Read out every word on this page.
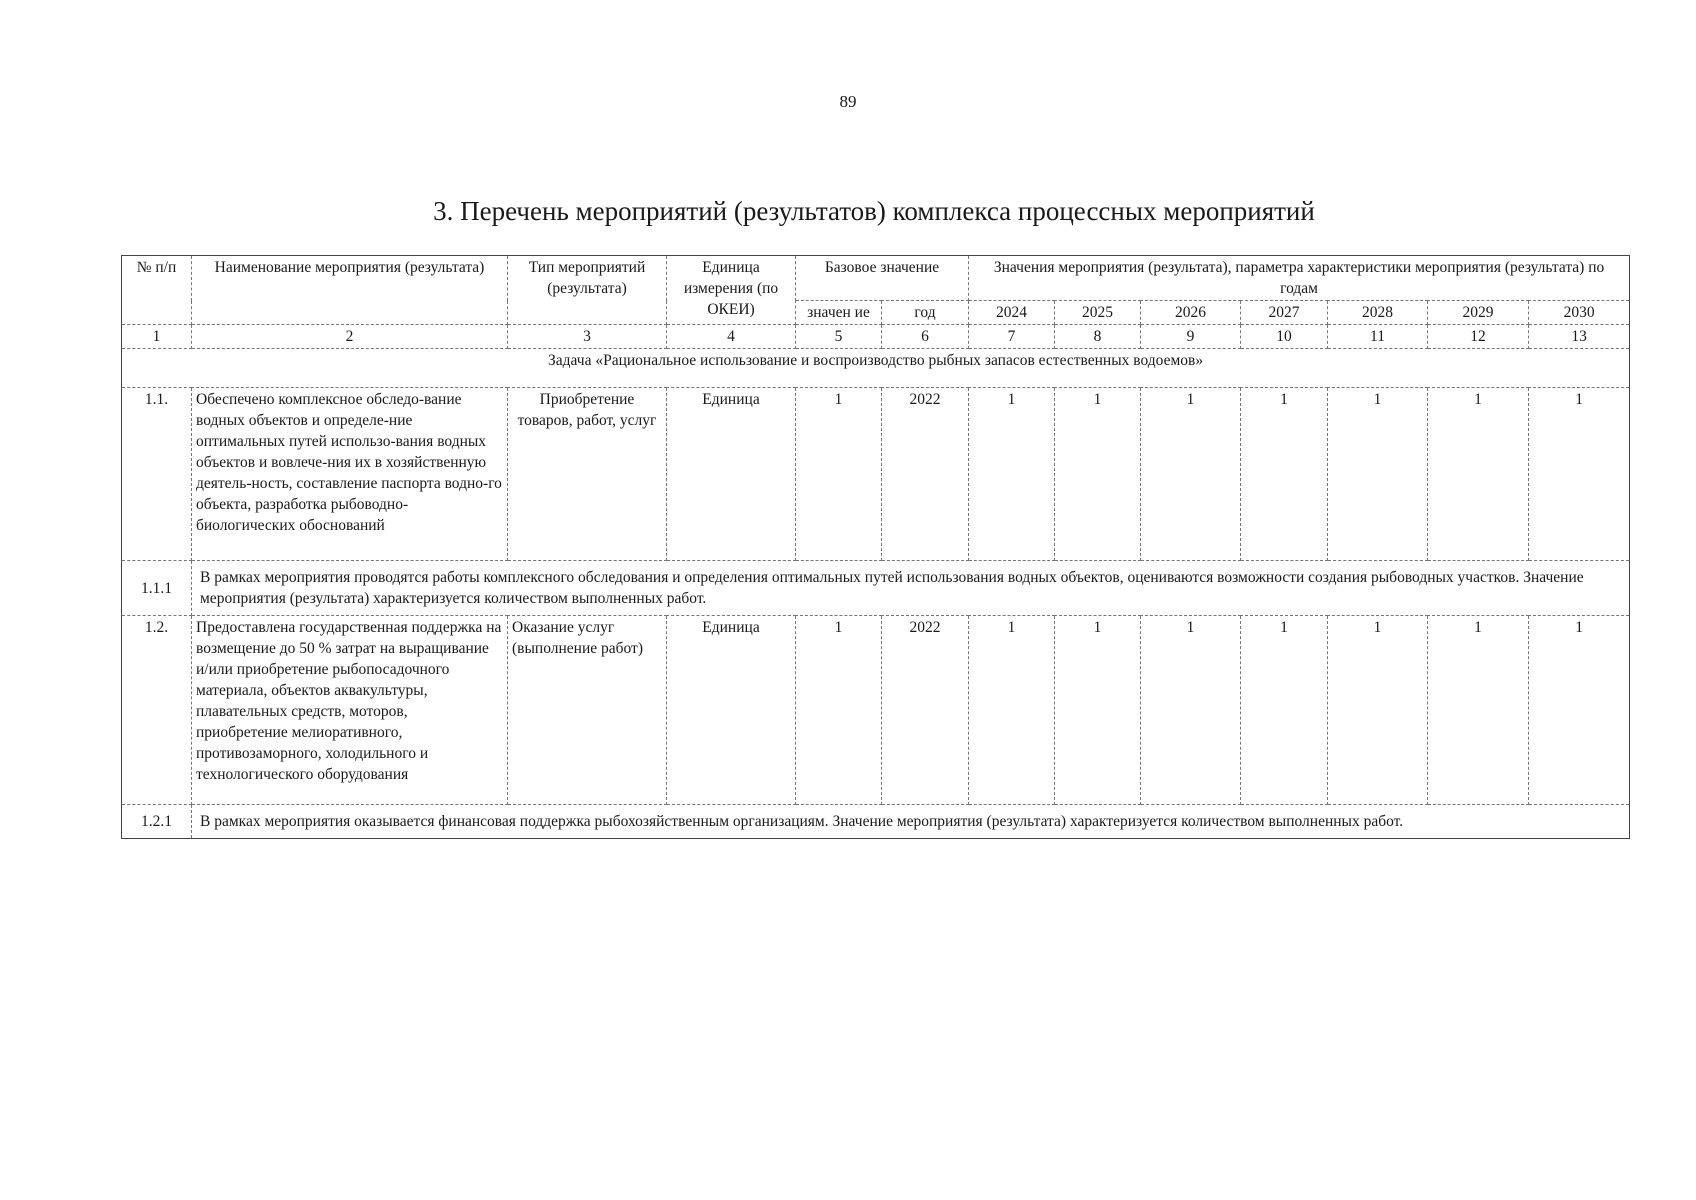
89
3. Перечень мероприятий (результатов) комплекса процессных мероприятий
№ п/п	Наименование мероприятия (результата)	Тип мероприятий (результата)	Единица измерения (по ОКЕИ)	Базовое значение		Значения мероприятия (результата), параметра характеристики мероприятия (результата) по годам						
				значен ие	год	2024	2025	2026	2027	2028	2029	2030
1	2	3	4	5	6	7	8	9	10	11	12	13
Задача «Рациональное использование и воспроизводство рыбных запасов естественных водоемов»												
1.1.	Обеспечено комплексное обследо-вание водных объектов и определе-ние оптимальных путей использо-вания водных объектов и вовлече-ния их в хозяйственную деятель-ность, составление паспорта водно-го объекта, разработка рыбоводно-биологических обоснований	Приобретение товаров, работ, услуг	Единица	1	2022	1	1	1	1	1	1	1
1.1.1	В рамках мероприятия проводятся работы комплексного обследования и определения оптимальных путей использования водных объектов, оцениваются возможности создания рыбоводных участков. Значение мероприятия (результата) характеризуется количеством выполненных работ.											
1.2.	Предоставлена государственная поддержка на возмещение до 50 % затрат на выращивание и/или приобретение рыбопосадочного материала, объектов аквакультуры, плавательных средств, моторов, приобретение мелиоративного, противозаморного, холодильного и технологического оборудования	Оказание услуг (выполнение работ)	Единица	1	2022	1	1	1	1	1	1	1
1.2.1	В рамках мероприятия оказывается финансовая поддержка рыбохозяйственным организациям. Значение мероприятия (результата) характеризуется количеством выполненных работ.											
